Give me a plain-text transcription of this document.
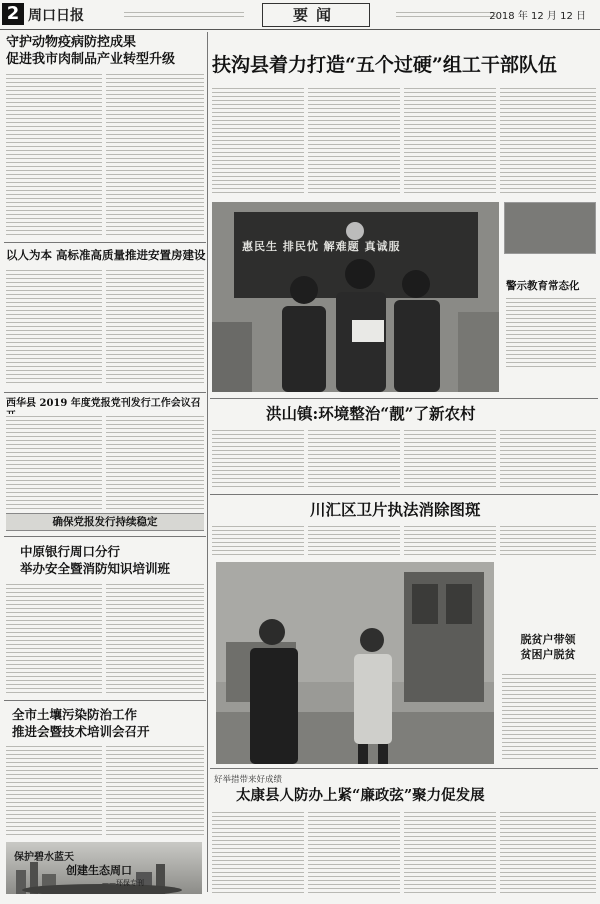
2 周口日报	要闻	2018 年 12 月 12 日
守护动物疫病防控成果
促进我市肉制品产业转型升级
以人为本 高标准高质量推进安置房建设
西华县 2019 年度党报党刊发行工作会议召
确保党报发行持续稳定
中原银行周口分行
举办安全暨消防知识培训班
全市土壤污染防治工作
推进会暨技术培训会召开
保护碧水蓝天
创建生态周口
——环保专刊
扶沟县着力打造“五个过硬”组工干部队伍
惠民生 排民忧 解难题 真诚服
警示教育常态化
洪山镇:环境整治“靓”了新农村
川汇区卫片执法消除图斑
脱贫户带领
贫困户脱贫
好举措带来好成绩
太康县人防办上紧“廉政弦”聚力促发展
